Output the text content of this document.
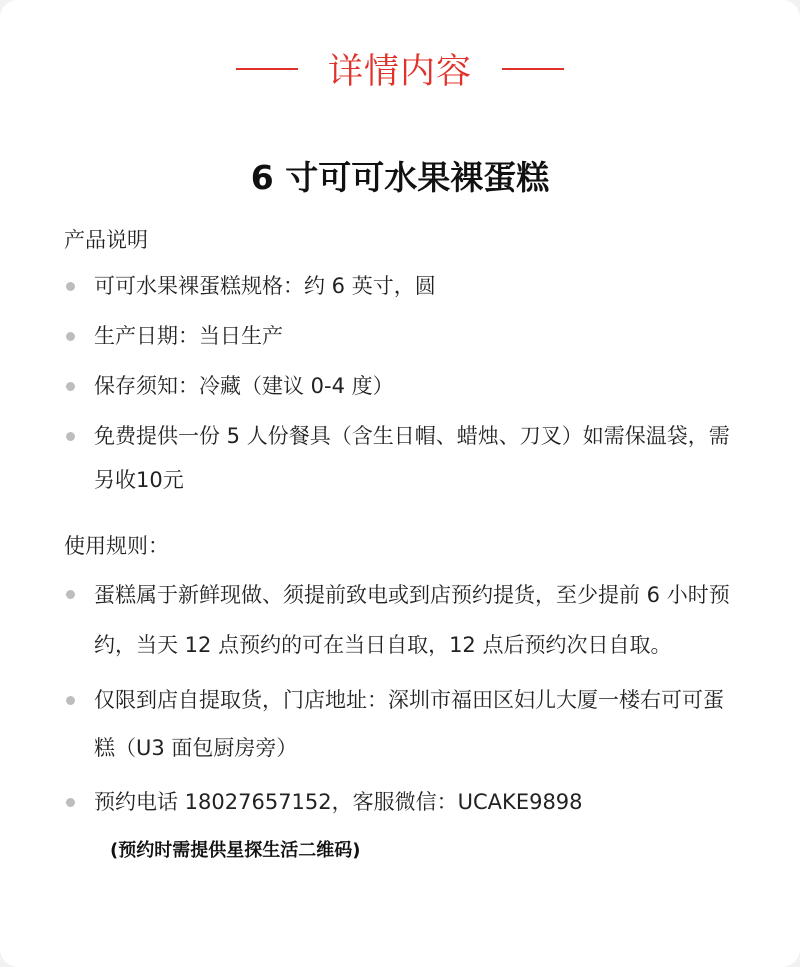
详情内容
6 寸可可水果裸蛋糕
产品说明
可可水果裸蛋糕规格：约 6 英寸，圆
生产日期：当日生产
保存须知：冷藏（建议 0-4 度）
免费提供一份 5 人份餐具（含生日帽、蜡烛、刀叉）如需保温袋，需另收10元
使用规则：
蛋糕属于新鲜现做、须提前致电或到店预约提货，至少提前 6 小时预约，当天 12 点预约的可在当日自取，12 点后预约次日自取。
仅限到店自提取货，门店地址：深圳市福田区妇儿大厦一楼右可可蛋糕（U3 面包厨房旁）
预约电话 18027657152，客服微信：UCAKE9898
(预约时需提供星探生活二维码)
